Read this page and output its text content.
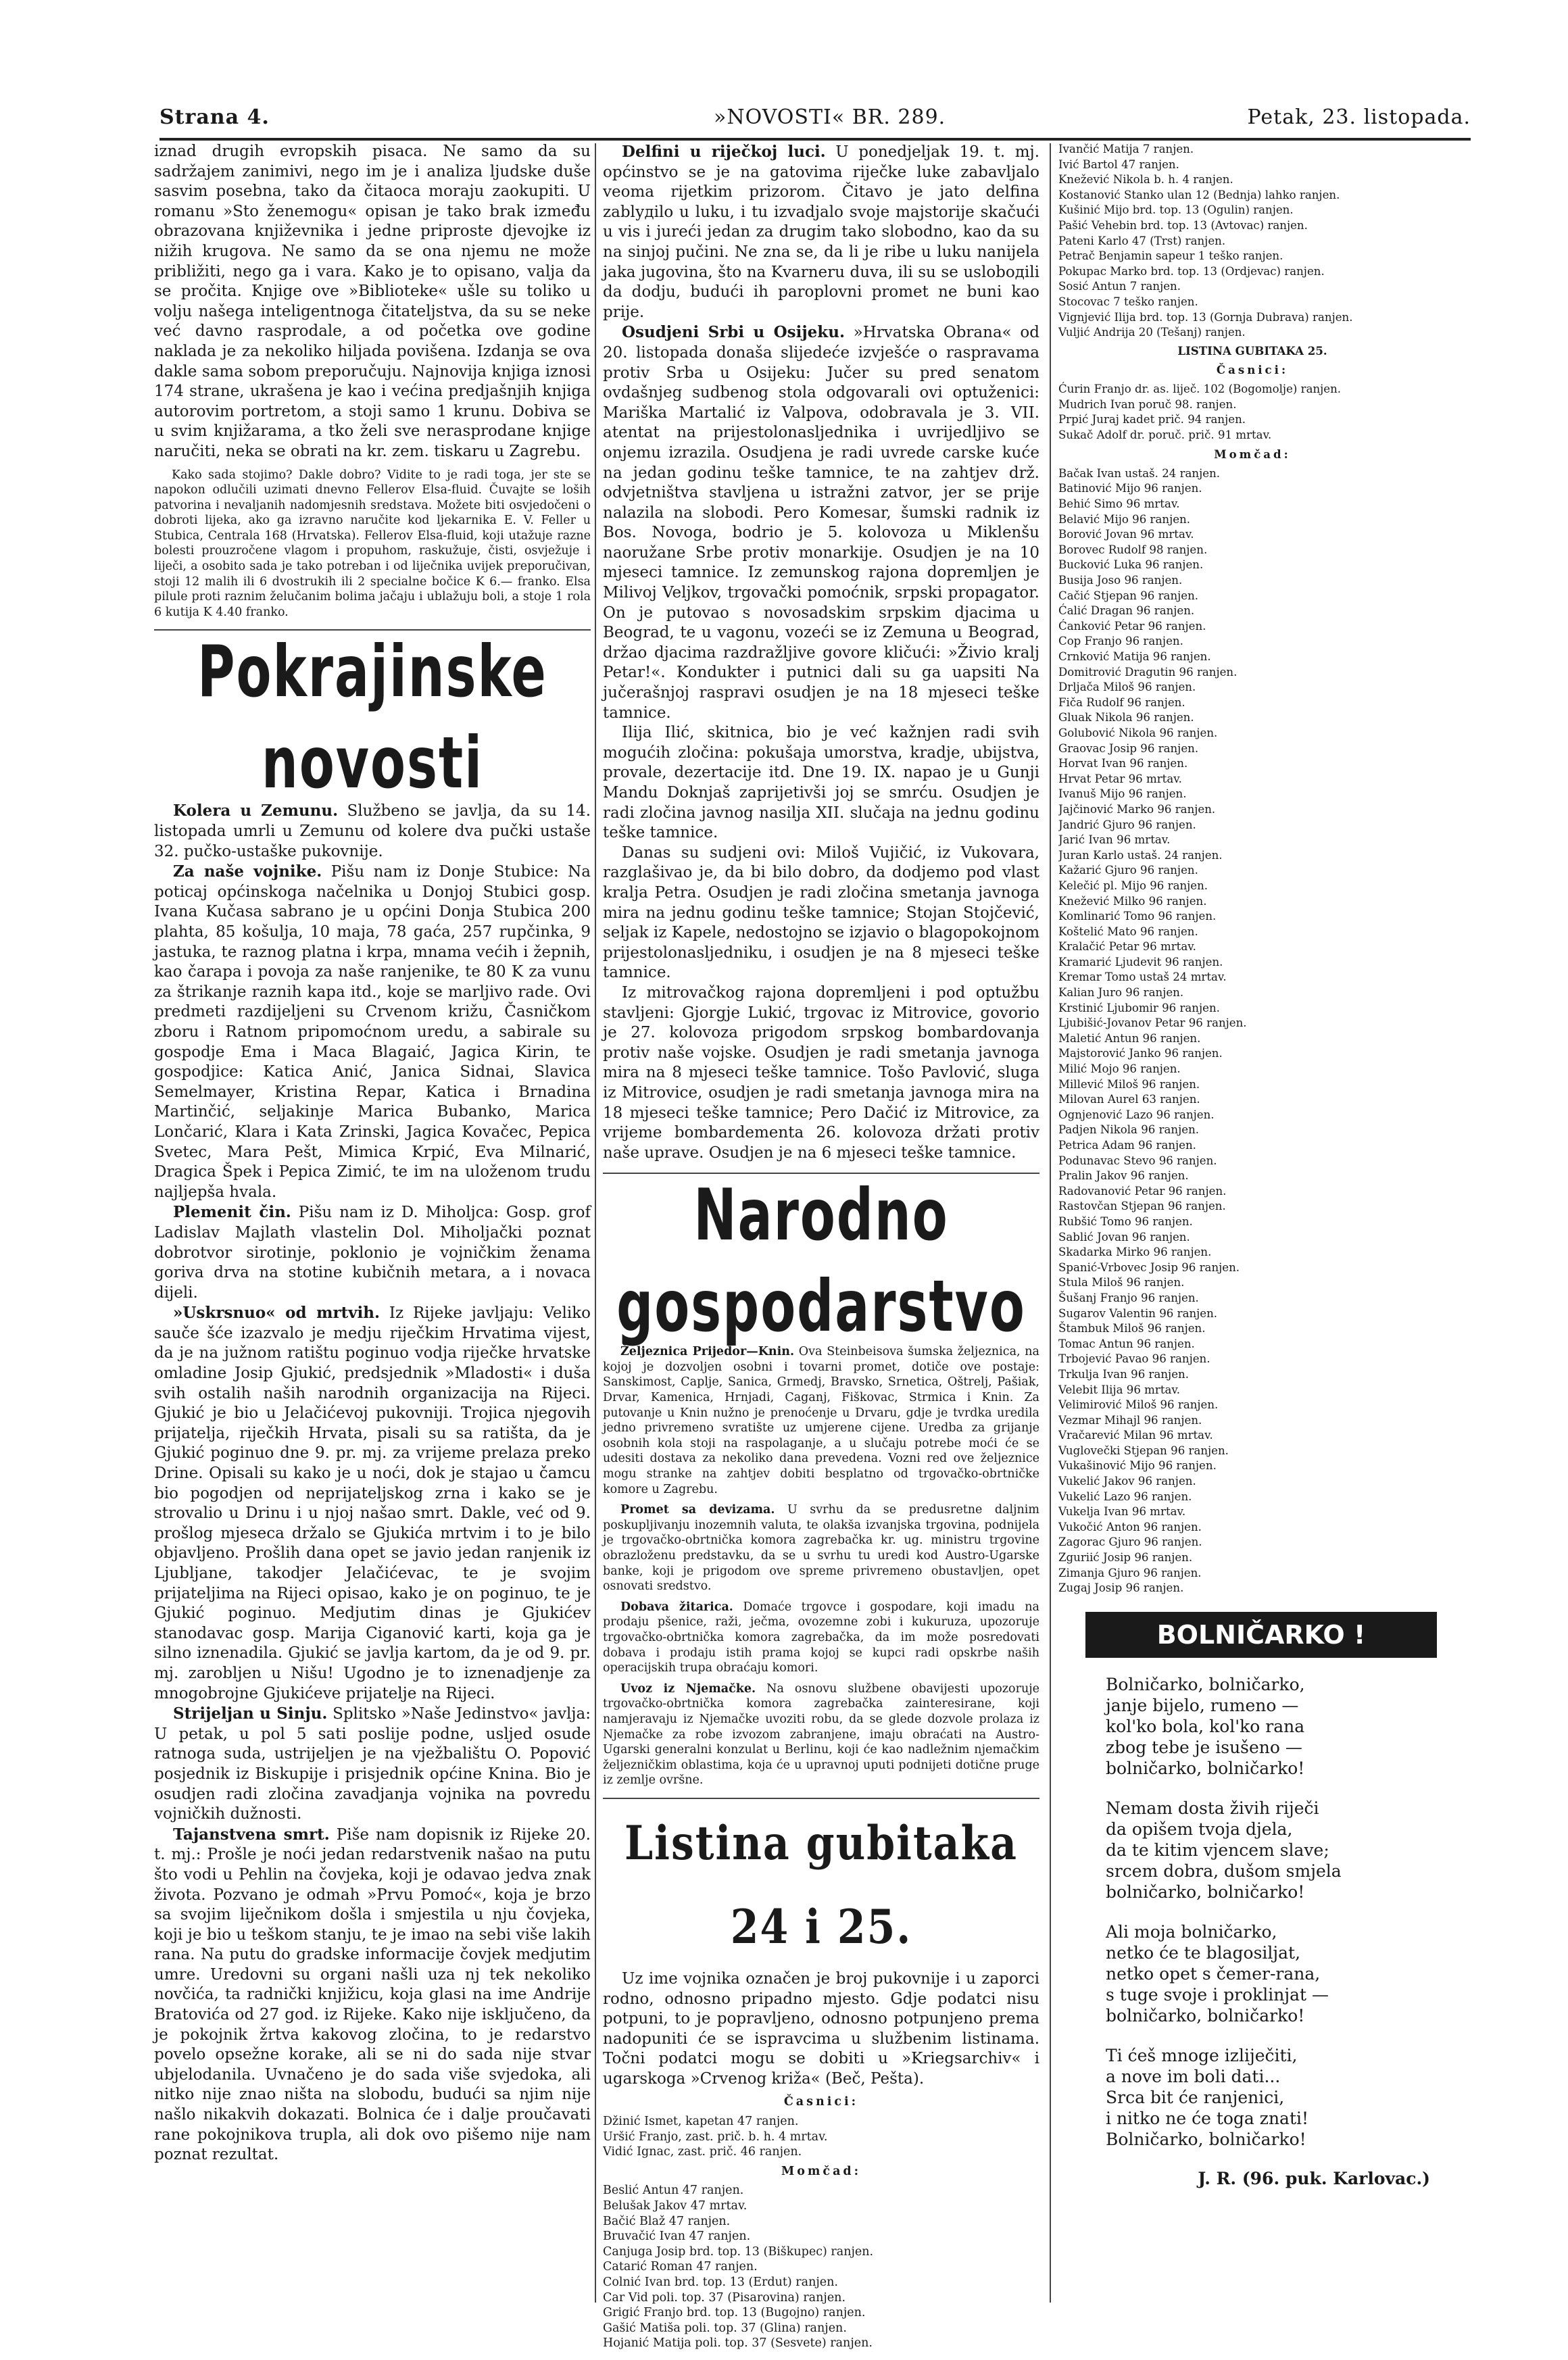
Strana 4.	»NOVOSTI« BR. 289.	Petak, 23. listopada.

iznad drugih evropskih pisaca. Ne samo da su sadržajem zanimivi, nego im je i analiza ljudske duše sasvim posebna, tako da čitaoca moraju zaokupiti. U romanu »Sto ženemogu« opisan je tako brak između obrazovana književnika i jedne priproste djevojke iz nižih krugova. Ne samo da se ona njemu ne može približiti, nego ga i vara. Kako je to opisano, valja da se pročita. Knjige ove »Biblioteke« ušle su toliko u volju našega inteligentnoga čitateljstva, da su se neke već davno rasprodale, a od početka ove godine naklada je za nekoliko hiljada povišena. Izdanja se ova dakle sama sobom preporučuju. Najnovija knjiga iznosi 174 strane, ukrašena je kao i većina predjašnjih knjiga autorovim portretom, a stoji samo 1 krunu. Dobiva se u svim knjižarama, a tko želi sve nerasprodane knjige naručiti, neka se obrati na kr. zem. tiskaru u Zagrebu.

Kako sada stojimo? Dakle dobro? Vidite to je radi toga, jer ste se napokon odlučili uzimati dnevno Fellerov Elsa-fluid. Čuvajte se loših patvorina i nevaljanih nadomjesnih sredstava. Možete biti osvjedočeni o dobroti lijeka, ako ga izravno naručite kod ljekarnika E. V. Feller u Stubica, Centrala 168 (Hrvatska). Fellerov Elsa-fluid, koji utažuje razne bolesti prouzročene vlagom i propuhom, raskužuje, čisti, osvježuje i liječi, a osobito sada je tako potreban i od liječnika uvijek preporučivan, stoji 12 malih ili 6 dvostrukih ili 2 specialne bočice K 6.— franko. Elsa pilule proti raznim želučanim bolima jačaju i ublažuju boli, a stoje 1 rola 6 kutija K 4.40 franko.

Pokrajinske novosti

Kolera u Zemunu. Službeno se javlja, da su 14. listopada umrli u Zemunu od kolere dva pučki ustaše 32. pučko-ustaške pukovnije.

Za naše vojnike. Pišu nam iz Donje Stubice: Na poticaj općinskoga načelnika u Donjoj Stubici gosp. Ivana Kučasa sabrano je u općini Donja Stubica 200 plahta, 85 košulja, 10 maja, 78 gaća, 257 rupčinka, 9 jastuka, te raznog platna i krpa, mnama većih i žepnih, kao čarapa i povoja za naše ranjenike, te 80 K za vunu za štrikanje raznih kapa itd., koje se marljivo rade. Ovi predmeti razdijeljeni su Crvenom križu, Časničkom zboru i Ratnom pripomoćnom uredu, a sabirale su gospodje Ema i Maca Blagaić, Jagica Kirin, te gospodjice: Katica Anić, Janica Sidnai, Slavica Semelmayer, Kristina Repar, Katica i Brnadina Martinčić, seljakinje Marica Bubanko, Marica Lončarić, Klara i Kata Zrinski, Jagica Kovačec, Pepica Svetec, Mara Pešt, Mimica Krpić, Eva Milnarić, Dragica Špek i Pepica Zimić, te im na uloženom trudu najljepša hvala.

Plemenit čin. Pišu nam iz D. Miholjca: Gosp. grof Ladislav Majlath vlastelin Dol. Miholjački poznat dobrotvor sirotinje, poklonio je vojničkim ženama goriva drva na stotine kubičnih metara, a i novaca dijeli.

»Uskrsnuo« od mrtvih. Iz Rijeke javljaju: Veliko sauče šće izazvalo je medju riječkim Hrvatima vijest, da je na južnom ratištu poginuo vodja riječke hrvatske omladine Josip Gjukić, predsjednik »Mladosti« i duša svih ostalih naših narodnih organizacija na Rijeci. Gjukić je bio u Jelačićevoj pukovniji. Trojica njegovih prijatelja, riječkih Hrvata, pisali su sa ratišta, da je Gjukić poginuo dne 9. pr. mj. za vrijeme prelaza preko Drine. Opisali su kako je u noći, dok je stajao u čamcu bio pogodjen od neprijateljskog zrna i kako se je strovalio u Drinu i u njoj našao smrt. Dakle, već od 9. prošlog mjeseca držalo se Gjukića mrtvim i to je bilo objavljeno. Prošlih dana opet se javio jedan ranjenik iz Ljubljane, takodjer Jelačićevac, te je svojim prijateljima na Rijeci opisao, kako je on poginuo, te je Gjukić poginuo. Medjutim dinas je Gjukićev stanodavac gosp. Marija Ciganović karti, koja ga je silno iznenadila. Gjukić se javlja kartom, da je od 9. pr. mj. zarobljen u Nišu! Ugodno je to iznenadjenje za mnogobrojne Gjukićeve prijatelje na Rijeci.

Strijeljan u Sinju. Splitsko »Naše Jedinstvo« javlja: U petak, u pol 5 sati poslije podne, usljed osude ratnoga suda, ustrijeljen je na vježbalištu O. Popović posjednik iz Biskupije i prisjednik općine Knina. Bio je osudjen radi zločina zavadjanja vojnika na povredu vojničkih dužnosti.

Tajanstvena smrt. Piše nam dopisnik iz Rijeke 20. t. mj.: Prošle je noći jedan redarstvenik našao na putu što vodi u Pehlin na čovjeka, koji je odavao jedva znak života. Pozvano je odmah »Prvu Pomoć«, koja je brzo sa svojim liječnikom došla i smjestila u nju čovjeka, koji je bio u teškom stanju, te je imao na sebi više lakih rana. Na putu do gradske informacije čovjek medjutim umre. Uredovni su organi našli uza nj tek nekoliko novčića, ta radnički knjižicu, koja glasi na ime Andrije Bratovića od 27 god. iz Rijeke. Kako nije isključeno, da je pokojnik žrtva kakovog zločina, to je redarstvo povelo opsežne korake, ali se ni do sada nije stvar ubjelodanila. Uvnačeno je do sada više svjedoka, ali nitko nije znao ništa na slobodu, budući sa njim nije našlo nikakvih dokazati. Bolnica će i dalje proučavati rane pokojnikova trupla, ali dok ovo pišemo nije nam poznat rezultat.

Delfini u riječkoj luci. U ponedjeljak 19. t. mj. općinstvo se je na gatovima riječke luke zabavljalo veoma rijetkim prizorom. Čitavo je jato delfina zablудilo u luku, i tu izvadjalo svoje majstorije skačući u vis i jureći jedan za drugim tako slobodno, kao da su na sinjoj pučini. Ne zna se, da li je ribe u luku nanijela jaka jugovina, što na Kvarneru duva, ili su se usloboдili da dodju, budući ih paroplovni promet ne buni kao prije.

Osudjeni Srbi u Osijeku. »Hrvatska Obrana« od 20. listopada donaša slijedeće izvješće o raspravama protiv Srba u Osijeku: Jučer su pred senatom ovdašnjeg sudbenog stola odgovarali ovi optuženici: Mariška Martalić iz Valpova, odobravala je 3. VII. atentat na prijestolonasljednika i uvrijedljivo se onjemu izrazila. Osudjena je radi uvrede carske kuće na jedan godinu teške tamnice, te na zahtjev drž. odvjetništva stavljena u istražni zatvor, jer se prije nalazila na slobodi. Pero Komesar, šumski radnik iz Bos. Novoga, bodrio je 5. kolovoza u Miklenšu naoružane Srbe protiv monarkije. Osudjen je na 10 mjeseci tamnice. Iz zemunskog rajona dopremljen je Milivoj Veljkov, trgovački pomoćnik, srpski propagator. On je putovao s novosadskim srpskim djacima u Beograd, te u vagonu, vozeći se iz Zemuna u Beograd, držao djacima razdražljive govore kličući: »Živio kralj Petar!«. Kondukter i putnici dali su ga uapsiti Na jučerašnjoj raspravi osudjen je na 18 mjeseci teške tamnice.

Ilija Ilić, skitnica, bio je već kažnjen radi svih mogućih zločina: pokušaja umorstva, kradje, ubijstva, provale, dezertacije itd. Dne 19. IX. napao je u Gunji Mandu Doknjaš zaprijetivši joj se smrću. Osudjen je radi zločina javnog nasilja XII. slučaja na jednu godinu teške tamnice.

Danas su sudjeni ovi: Miloš Vujičić, iz Vukovara, razglašivao je, da bi bilo dobro, da dodjemo pod vlast kralja Petra. Osudjen je radi zločina smetanja javnoga mira na jednu godinu teške tamnice; Stojan Stojčević, seljak iz Kapele, nedostojno se izjavio o blagopokojnom prijestolonasljedniku, i osudjen je na 8 mjeseci teške tamnice.

Iz mitrovačkog rajona dopremljeni i pod optužbu stavljeni: Gjorgje Lukić, trgovac iz Mitrovice, govorio je 27. kolovoza prigodom srpskog bombardovanja protiv naše vojske. Osudjen je radi smetanja javnoga mira na 8 mjeseci teške tamnice. Tošo Pavlović, sluga iz Mitrovice, osudjen je radi smetanja javnoga mira na 18 mjeseci teške tamnice; Pero Dačić iz Mitrovice, za vrijeme bombardementa 26. kolovoza držati protiv naše uprave. Osudjen je na 6 mjeseci teške tamnice.

Narodno gospodarstvo

Željeznica Prijedor—Knin. Ova Steinbeisova šumska željeznica, na kojoj je dozvoljen osobni i tovarni promet, dotiče ove postaje: Sanskimost, Caplje, Sanica, Grmedj, Bravsko, Srnetica, Oštrelj, Pašiak, Drvar, Kamenica, Hrnjadi, Caganj, Fiškovac, Strmica i Knin. Za putovanje u Knin nužno je prenoćenje u Drvaru, gdje je tvrdka uredila jedno privremeno svratište uz umjerene cijene. Uredba za grijanje osobnih kola stoji na raspolaganje, a u slučaju potrebe moći će se udesiti dostava za nekoliko dana prevedena. Vozni red ove željeznice mogu stranke na zahtjev dobiti besplatno od trgovačko-obrtničke komore u Zagrebu.

Promet sa devizama. U svrhu da se predusretne daljnim poskupljivanju inozemnih valuta, te olakša izvanjska trgovina, podnijela je trgovačko-obrtnička komora zagrebačka kr. ug. ministru trgovine obrazloženu predstavku, da se u svrhu tu uredi kod Austro-Ugarske banke, koji je prigodom ove spreme privremeno obustavljen, opet osnovati sredstvo.

Dobava žitarica. Domaće trgovce i gospodare, koji imadu na prodaju pšenice, raži, ječma, ovozemne zobi i kukuruza, upozoruje trgovačko-obrtnička komora zagrebačka, da im može posredovati dobava i prodaju istih prama kojoj se kupci radi opskrbe naših operacijskih trupa obraćaju komori.

Uvoz iz Njemačke. Na osnovu službene obavijesti upozoruje trgovačko-obrtnička komora zagrebačka zainteresirane, koji namjeravaju iz Njemačke uvoziti robu, da se gledе dozvole prolaza iz Njemačke za robe izvozom zabranjene, imaju obraćati na Austro-Ugarski generalni konzulat u Berlinu, koji će kao nadležnim njemačkim željezničkim oblastima, koja će u upravnoj uputi podnijeti dotične pruge iz zemlje ovršne.

Listina gubitaka 24 i 25.

Uz ime vojnika označen je broj pukovnije i u zaporci rodno, odnosno pripadno mjesto. Gdje podatci nisu potpuni, to je popravljeno, odnosno potpunjeno prema nadopuniti će se ispravcima u službenim listinama. Točni podatci mogu se dobiti u »Kriegsarchiv« i ugarskoga »Crvenog križa« (Beč, Pešta).

Časnici:
Džinić Ismet, kapetan 47 ranjen.
Uršić Franjo, zast. prič. b. h. 4 mrtav.
Vidić Ignac, zast. prič. 46 ranjen.
Momčad:
Beslić Antun 47 ranjen.
Belušak Jakov 47 mrtav.
Bačić Blaž 47 ranjen.
Bruvačić Ivan 47 ranjen.
Canjuga Josip brd. top. 13 (Biškupec) ranjen.
Catarić Roman 47 ranjen.
Colnić Ivan brd. top. 13 (Erdut) ranjen.
Car Vid poli. top. 37 (Pisarovina) ranjen.
Grigić Franjo brd. top. 13 (Bugojno) ranjen.
Gašić Matiša poli. top. 37 (Glina) ranjen.
Hojanić Matija poli. top. 37 (Sesvete) ranjen.
Ivančić Matija 7 ranjen.
Ivić Bartol 47 ranjen.
Knežević Nikola b. h. 4 ranjen.
Kostanović Stanko ulan 12 (Bednja) lahko ranjen.
Kušinić Mijo brd. top. 13 (Ogulin) ranjen.
Pašić Vehebin brd. top. 13 (Avtovac) ranjen.
Pateni Karlo 47 (Trst) ranjen.
Petrač Benjamin sapeur 1 teško ranjen.
Pokupac Marko brd. top. 13 (Ordjevac) ranjen.
Sosić Antun 7 ranjen.
Stocovac 7 teško ranjen.
Vignjević Ilija brd. top. 13 (Gornja Dubrava) ranjen.
Vuljić Andrija 20 (Tešanj) ranjen.
LISTINA GUBITAKA 25.
Časnici:
Ćurin Franjo dr. as. liječ. 102 (Bogomolje) ranjen.
Mudrich Ivan poruč 98. ranjen.
Prpić Juraj kadet prič. 94 ranjen.
Sukač Adolf dr. poruč. prič. 91 mrtav.
Momčad:
Bačak Ivan ustaš. 24 ranjen.
Batinović Mijo 96 ranjen.
Behić Simo 96 mrtav.
Belavić Mijo 96 ranjen.
Borović Jovan 96 mrtav.
Borovec Rudolf 98 ranjen.
Bucković Luka 96 ranjen.
Busija Joso 96 ranjen.
Cačić Stjepan 96 ranjen.
Ćalić Dragan 96 ranjen.
Ćanković Petar 96 ranjen.
Cop Franjo 96 ranjen.
Crnković Matija 96 ranjen.
Domitrović Dragutin 96 ranjen.
Drljača Miloš 96 ranjen.
Fiča Rudolf 96 ranjen.
Gluak Nikola 96 ranjen.
Golubović Nikola 96 ranjen.
Graovac Josip 96 ranjen.
Horvat Ivan 96 ranjen.
Hrvat Petar 96 mrtav.
Ivanuš Mijo 96 ranjen.
Jajčinović Marko 96 ranjen.
Jandrić Gjuro 96 ranjen.
Jarić Ivan 96 mrtav.
Juran Karlo ustaš. 24 ranjen.
Kažarić Gjuro 96 ranjen.
Kelečić pl. Mijo 96 ranjen.
Knežević Milko 96 ranjen.
Komlinarić Tomo 96 ranjen.
Koštelić Mato 96 ranjen.
Kralačić Petar 96 mrtav.
Kramarić Ljudevit 96 ranjen.
Kremar Tomo ustaš 24 mrtav.
Kalian Juro 96 ranjen.
Krstinić Ljubomir 96 ranjen.
Ljubišić-Jovanov Petar 96 ranjen.
Maletić Antun 96 ranjen.
Majstorović Janko 96 ranjen.
Milić Mojo 96 ranjen.
Millević Miloš 96 ranjen.
Milovan Aurel 63 ranjen.
Ognjenović Lazo 96 ranjen.
Padjen Nikola 96 ranjen.
Petrica Adam 96 ranjen.
Podunavac Stevo 96 ranjen.
Pralin Jakov 96 ranjen.
Radovanović Petar 96 ranjen.
Rastovčan Stjepan 96 ranjen.
Rubšić Tomo 96 ranjen.
Sablić Jovan 96 ranjen.
Skadarka Mirko 96 ranjen.
Spanić-Vrbovec Josip 96 ranjen.
Stula Miloš 96 ranjen.
Šušanj Franjo 96 ranjen.
Sugarov Valentin 96 ranjen.
Štambuk Miloš 96 ranjen.
Tomac Antun 96 ranjen.
Trbojević Pavao 96 ranjen.
Trkulja Ivan 96 ranjen.
Velebit Ilija 96 mrtav.
Velimirović Miloš 96 ranjen.
Vezmar Mihajl 96 ranjen.
Vračarević Milan 96 mrtav.
Vuglovečki Stjepan 96 ranjen.
Vukašinović Mijo 96 ranjen.
Vukelić Jakov 96 ranjen.
Vukelić Lazo 96 ranjen.
Vukelja Ivan 96 mrtav.
Vukočić Anton 96 ranjen.
Zagorac Gjuro 96 ranjen.
Zguriić Josip 96 ranjen.
Zimanja Gjuro 96 ranjen.
Zugaj Josip 96 ranjen.
BOLNIČARKO !
Bolničarko, bolničarko,
janje bijelo, rumeno —
kol'ko bola, kol'ko rana
zbog tebe je isušeno —
bolničarko, bolničarko!
Nemam dosta živih riječi
da opišem tvoja djela,
da te kitim vjencem slave;
srcem dobra, dušom smjela
bolničarko, bolničarko!
Ali moja bolničarko,
netko će te blagosiljat,
netko opet s čemer-rana,
s tuge svoje i proklinjat —
bolničarko, bolničarko!
Ti ćeš mnoge izliječiti,
a nove im boli dati...
Srca bit će ranjenici,
i nitko ne će toga znati!
Bolničarko, bolničarko!
J. R. (96. puk. Karlovac.)
